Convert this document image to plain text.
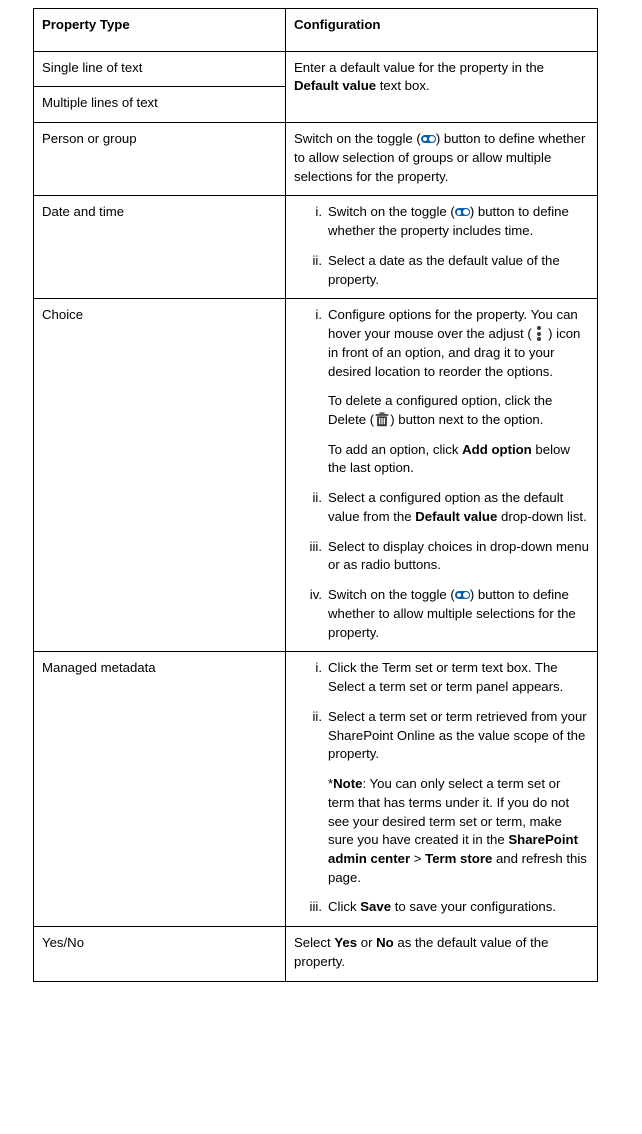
Property Type	Configuration
Single line of text	Enter a default value for the property in the Default value text box.

Multiple lines of text	
Person or group	Switch on the toggle ( ) button to define whether to allow selection of groups or allow multiple selections for the property.

Date and time	i. Switch on the toggle ( ) button to define whether the property includes time.

ii. Select a date as the default value of the property.

Choice	i. Configure options for the property. You can hover your mouse over the adjust (
) icon in front of an option, and drag it to your desired location to reorder the options.

To delete a configured option, click the Delete ( ) button next to the option.

To add an option, click Add option below the last option.

ii. Select a configured option as the default value from the Default value drop-down list.

iii. Select to display choices in drop-down menu or as radio buttons.

iv. Switch on the toggle ( ) button to define whether to allow multiple selections for the property.

Managed metadata	i. Click the Term set or term text box. The Select a term set or term panel appears.

ii. Select a term set or term retrieved from your SharePoint Online as the value scope of the property.

*Note: You can only select a term set or term that has terms under it. If you do not see your desired term set or term, make sure you have created it in the SharePoint admin center > Term store and refresh this page.

iii. Click Save to save your configurations.

Yes/No	Select Yes or No as the default value of the property.
